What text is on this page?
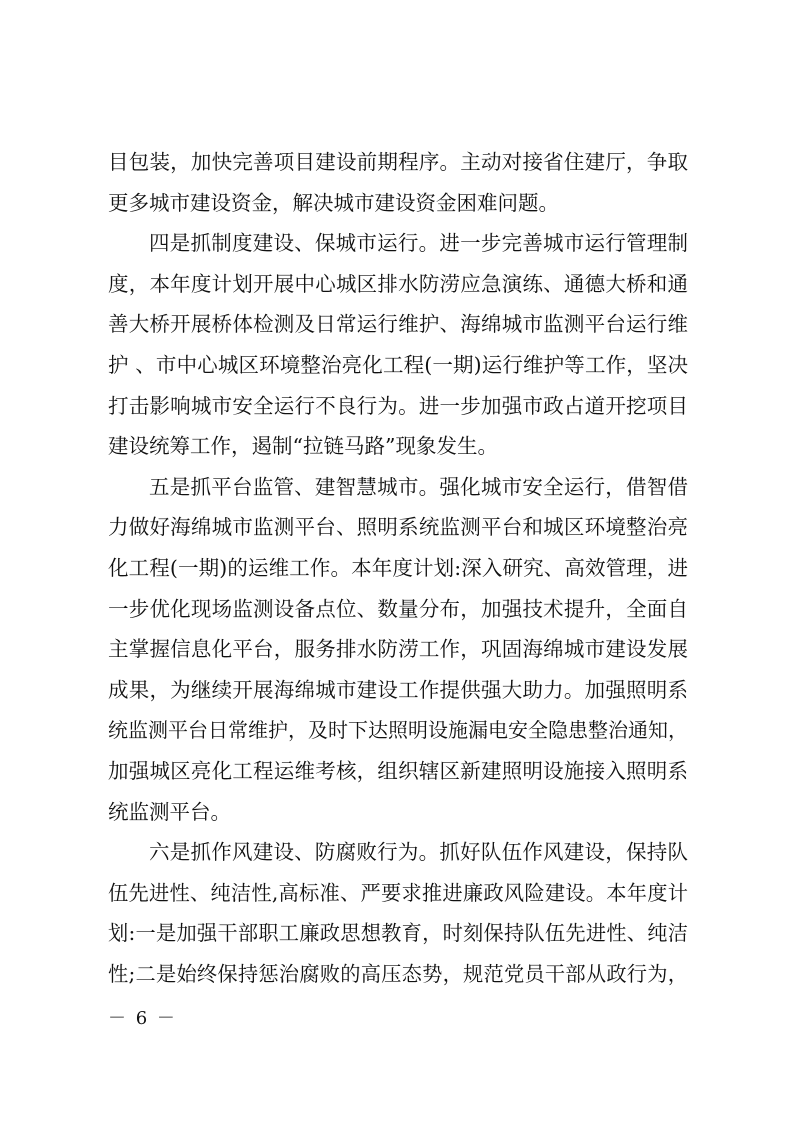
目包装，加快完善项目建设前期程序。主动对接省住建厅，争取
更多城市建设资金，解决城市建设资金困难问题。
四是抓制度建设、保城市运行。进一步完善城市运行管理制
度，本年度计划开展中心城区排水防涝应急演练、通德大桥和通
善大桥开展桥体检测及日常运行维护、海绵城市监测平台运行维
护 、市中心城区环境整治亮化工程(一期)运行维护等工作，坚决
打击影响城市安全运行不良行为。进一步加强市政占道开挖项目
建设统筹工作，遏制“拉链马路”现象发生。
五是抓平台监管、建智慧城市。强化城市安全运行，借智借
力做好海绵城市监测平台、照明系统监测平台和城区环境整治亮
化工程(一期)的运维工作。本年度计划:深入研究、高效管理，进
一步优化现场监测设备点位、数量分布，加强技术提升，全面自
主掌握信息化平台，服务排水防涝工作，巩固海绵城市建设发展
成果，为继续开展海绵城市建设工作提供强大助力。加强照明系
统监测平台日常维护，及时下达照明设施漏电安全隐患整治通知，
加强城区亮化工程运维考核，组织辖区新建照明设施接入照明系
统监测平台。
六是抓作风建设、防腐败行为。抓好队伍作风建设，保持队
伍先进性、纯洁性,高标准、严要求推进廉政风险建设。本年度计
划:一是加强干部职工廉政思想教育，时刻保持队伍先进性、纯洁
性;二是始终保持惩治腐败的高压态势，规范党员干部从政行为，
－ 6 －
